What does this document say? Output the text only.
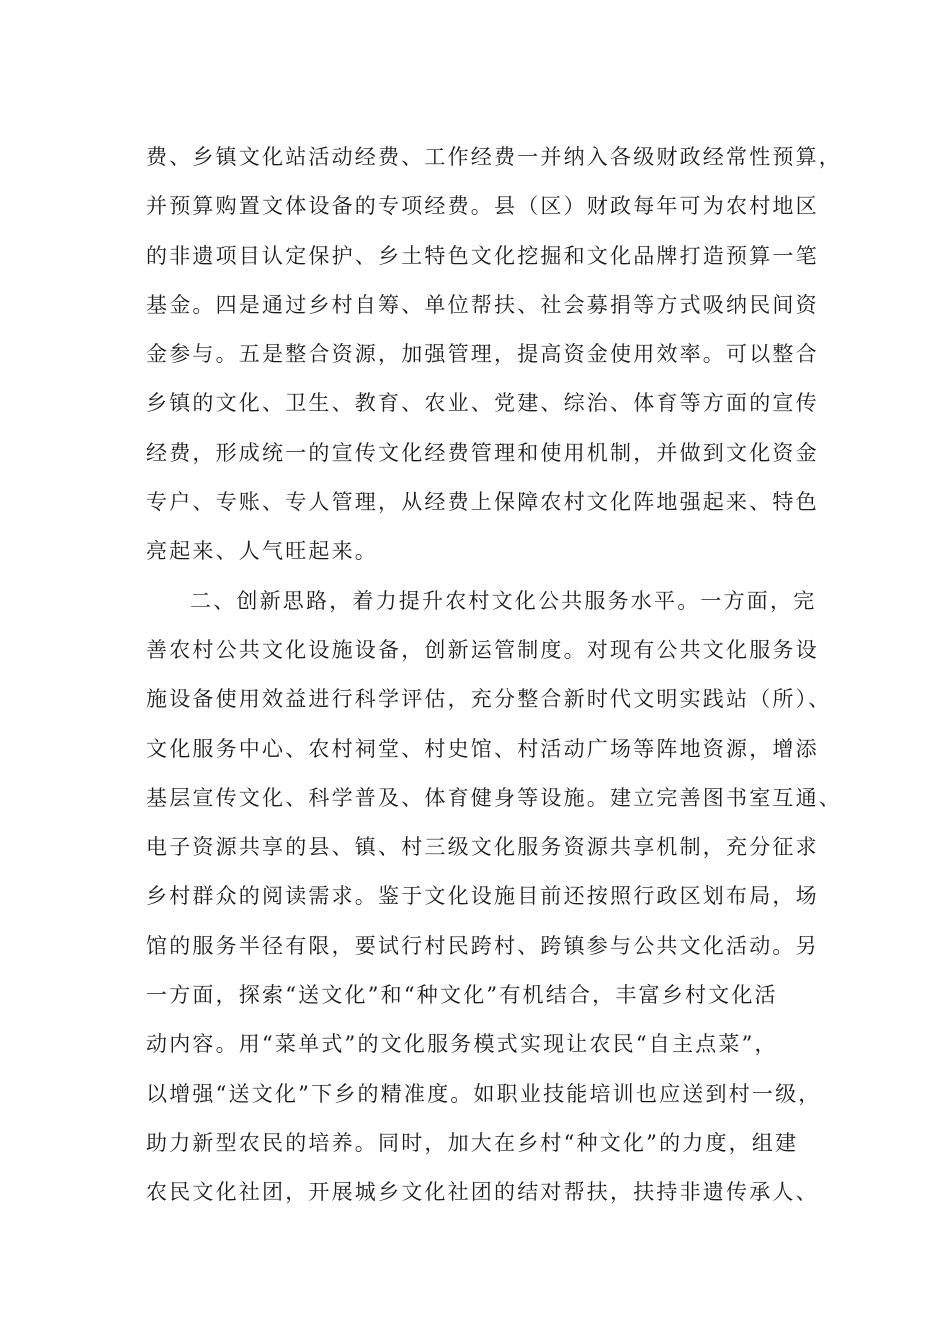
费、乡镇文化站活动经费、工作经费一并纳入各级财政经常性预算，
并预算购置文体设备的专项经费。县（区）财政每年可为农村地区
的非遗项目认定保护、乡土特色文化挖掘和文化品牌打造预算一笔
基金。四是通过乡村自筹、单位帮扶、社会募捐等方式吸纳民间资
金参与。五是整合资源，加强管理，提高资金使用效率。可以整合
乡镇的文化、卫生、教育、农业、党建、综治、体育等方面的宣传
经费，形成统一的宣传文化经费管理和使用机制，并做到文化资金
专户、专账、专人管理，从经费上保障农村文化阵地强起来、特色
亮起来、人气旺起来。
二、创新思路，着力提升农村文化公共服务水平。一方面，完
善农村公共文化设施设备，创新运管制度。对现有公共文化服务设
施设备使用效益进行科学评估，充分整合新时代文明实践站（所）、
文化服务中心、农村祠堂、村史馆、村活动广场等阵地资源，增添
基层宣传文化、科学普及、体育健身等设施。建立完善图书室互通、
电子资源共享的县、镇、村三级文化服务资源共享机制，充分征求
乡村群众的阅读需求。鉴于文化设施目前还按照行政区划布局，场
馆的服务半径有限，要试行村民跨村、跨镇参与公共文化活动。另
一方面，探索“送文化”和“种文化”有机结合，丰富乡村文化活
动内容。用“菜单式”的文化服务模式实现让农民“自主点菜”，
以增强“送文化”下乡的精准度。如职业技能培训也应送到村一级，
助力新型农民的培养。同时，加大在乡村“种文化”的力度，组建
农民文化社团，开展城乡文化社团的结对帮扶，扶持非遗传承人、
